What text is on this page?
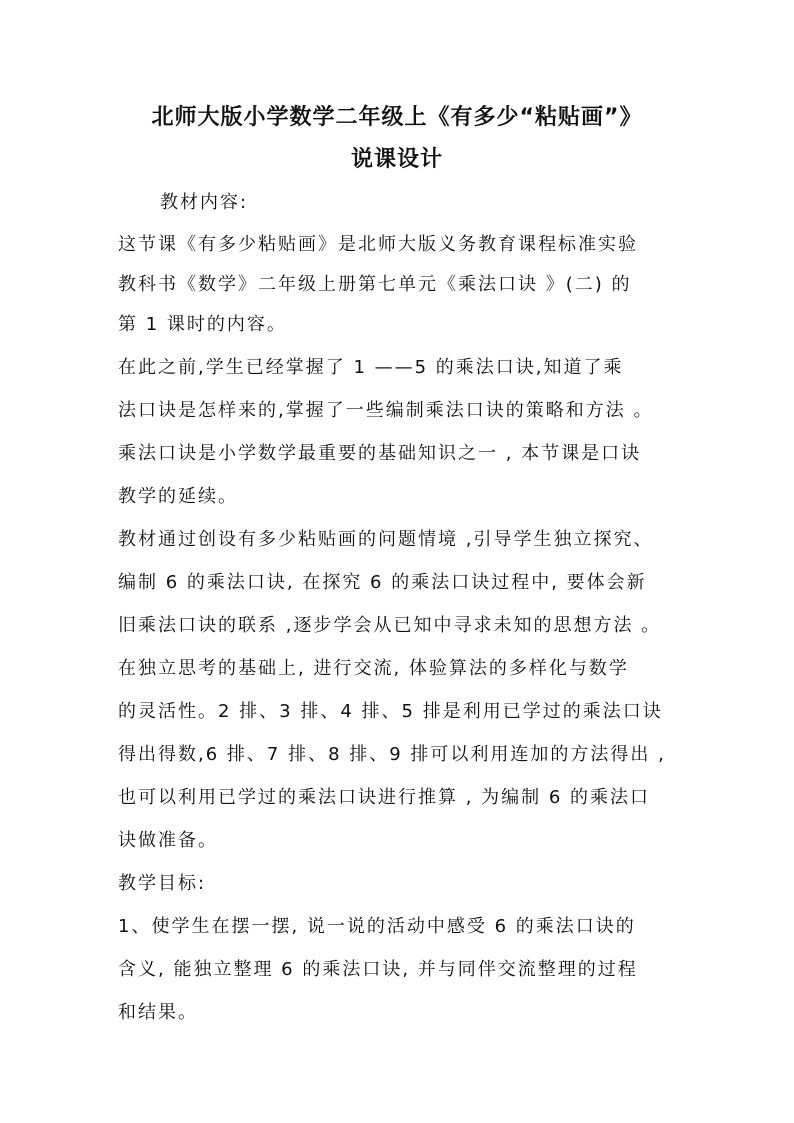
北师大版小学数学二年级上《有多少“粘贴画”》
说课设计
教材内容:
这节课《有多少粘贴画》是北师大版义务教育课程标准实验
教科书《数学》二年级上册第七单元《乘法口诀 》(二) 的
第 1 课时的内容。
在此之前,学生已经掌握了 1 ——5 的乘法口诀,知道了乘
法口诀是怎样来的,掌握了一些编制乘法口诀的策略和方法 。
乘法口诀是小学数学最重要的基础知识之一 , 本节课是口诀
教学的延续。
教材通过创设有多少粘贴画的问题情境 ,引导学生独立探究、
编制 6 的乘法口诀, 在探究 6 的乘法口诀过程中, 要体会新
旧乘法口诀的联系 ,逐步学会从已知中寻求未知的思想方法 。
在独立思考的基础上, 进行交流, 体验算法的多样化与数学
的灵活性。2 排、3 排、4 排、5 排是利用已学过的乘法口诀
得出得数,6 排、7 排、8 排、9 排可以利用连加的方法得出 ,
也可以利用已学过的乘法口诀进行推算 , 为编制 6 的乘法口
诀做准备。
教学目标:
1、使学生在摆一摆, 说一说的活动中感受 6 的乘法口诀的
含义, 能独立整理 6 的乘法口诀, 并与同伴交流整理的过程
和结果。
